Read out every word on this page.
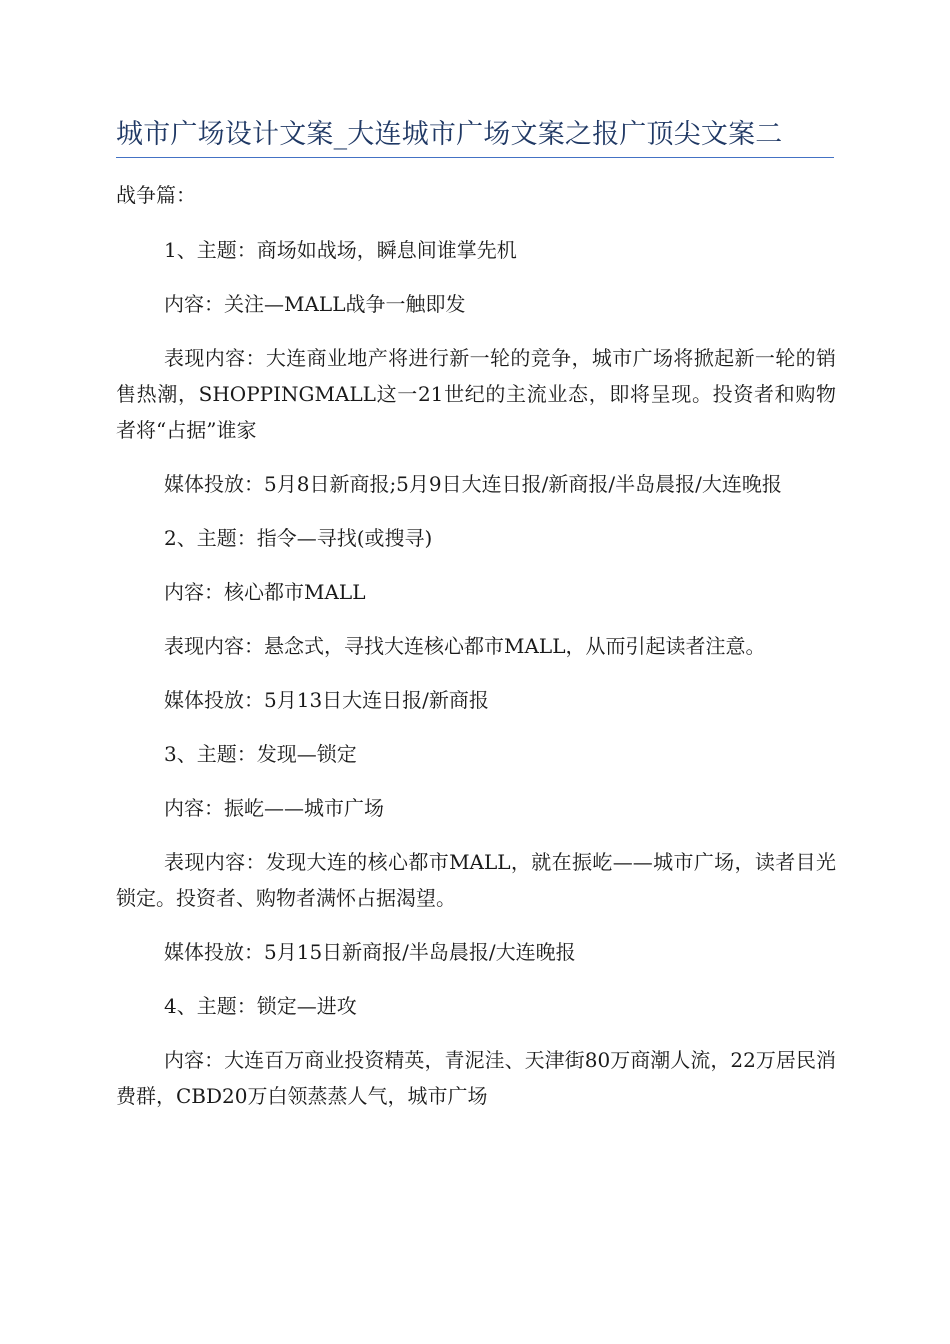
城市广场设计文案_大连城市广场文案之报广顶尖文案二
战争篇：

1、主题：商场如战场，瞬息间谁掌先机

内容：关注—MALL战争一触即发

表现内容：大连商业地产将进行新一轮的竞争，城市广场将掀起新一轮的销售热潮，SHOPPINGMALL这一21世纪的主流业态，即将呈现。投资者和购物者将“占据”谁家

媒体投放：5月8日新商报;5月9日大连日报/新商报/半岛晨报/大连晚报

2、主题：指令—寻找(或搜寻)

内容：核心都市MALL

表现内容：悬念式，寻找大连核心都市MALL，从而引起读者注意。

媒体投放：5月13日大连日报/新商报

3、主题：发现—锁定

内容：振屹——城市广场

表现内容：发现大连的核心都市MALL，就在振屹——城市广场，读者目光锁定。投资者、购物者满怀占据渴望。

媒体投放：5月15日新商报/半岛晨报/大连晚报

4、主题：锁定—进攻

内容：大连百万商业投资精英，青泥洼、天津街80万商潮人流，22万居民消费群，CBD20万白领蒸蒸人气，城市广场
